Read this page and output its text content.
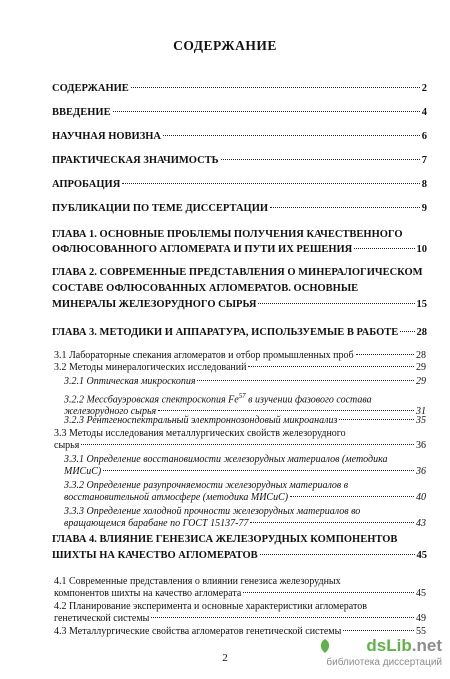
СОДЕРЖАНИЕ
СОДЕРЖАНИЕ	2
ВВЕДЕНИЕ	4
НАУЧНАЯ НОВИЗНА	6
ПРАКТИЧЕСКАЯ ЗНАЧИМОСТЬ	7
АПРОБАЦИЯ	8
ПУБЛИКАЦИИ ПО ТЕМЕ ДИССЕРТАЦИИ	9
ГЛАВА 1. ОСНОВНЫЕ ПРОБЛЕМЫ ПОЛУЧЕНИЯ КАЧЕСТВЕННОГО
ОФЛЮСОВАННОГО АГЛОМЕРАТА И ПУТИ ИХ РЕШЕНИЯ	10
ГЛАВА 2. СОВРЕМЕННЫЕ ПРЕДСТАВЛЕНИЯ О МИНЕРАЛОГИЧЕСКОМ
СОСТАВЕ ОФЛЮСОВАННЫХ АГЛОМЕРАТОВ. ОСНОВНЫЕ
МИНЕРАЛЫ ЖЕЛЕЗОРУДНОГО СЫРЬЯ	15
ГЛАВА 3. МЕТОДИКИ И АППАРАТУРА, ИСПОЛЬЗУЕМЫЕ В РАБОТЕ 28
3.1 Лабораторные спекания агломератов и отбор промышленных проб	28
3.2 Методы минералогических исследований	29
3.2.1 Оптическая микроскопия	29
3.2.2 Мессбауэровская спектроскопия Fe$^{57}$ в изучении фазового состава
железорудного сырья	31
3.2.3 Рентгеноспектральный электроннозондовый микроанализ	35
3.3 Методы исследования металлургических свойств железорудного
сырья	36
3.3.1 Определение восстановимости железорудных материалов (методика
МИСиС)	36
3.3.2 Определение разупрочняемости железорудных материалов в
восстановительной атмосфере (методика МИСиС)	40
3.3.3 Определение холодной прочности железорудных материалов во
вращающемся барабане по ГОСТ 15137-77	43
ГЛАВА 4. ВЛИЯНИЕ ГЕНЕЗИСА ЖЕЛЕЗОРУДНЫХ КОМПОНЕНТОВ
ШИХТЫ НА КАЧЕСТВО АГЛОМЕРАТОВ	45
4.1 Современные представления о влиянии генезиса железорудных
компонентов шихты на качество агломерата	45
4.2 Планирование эксперимента и основные характеристики агломератов
генетической системы	49
4.3 Металлургические свойства агломератов генетической системы	55
2
dsLib.net
библиотека диссертаций
